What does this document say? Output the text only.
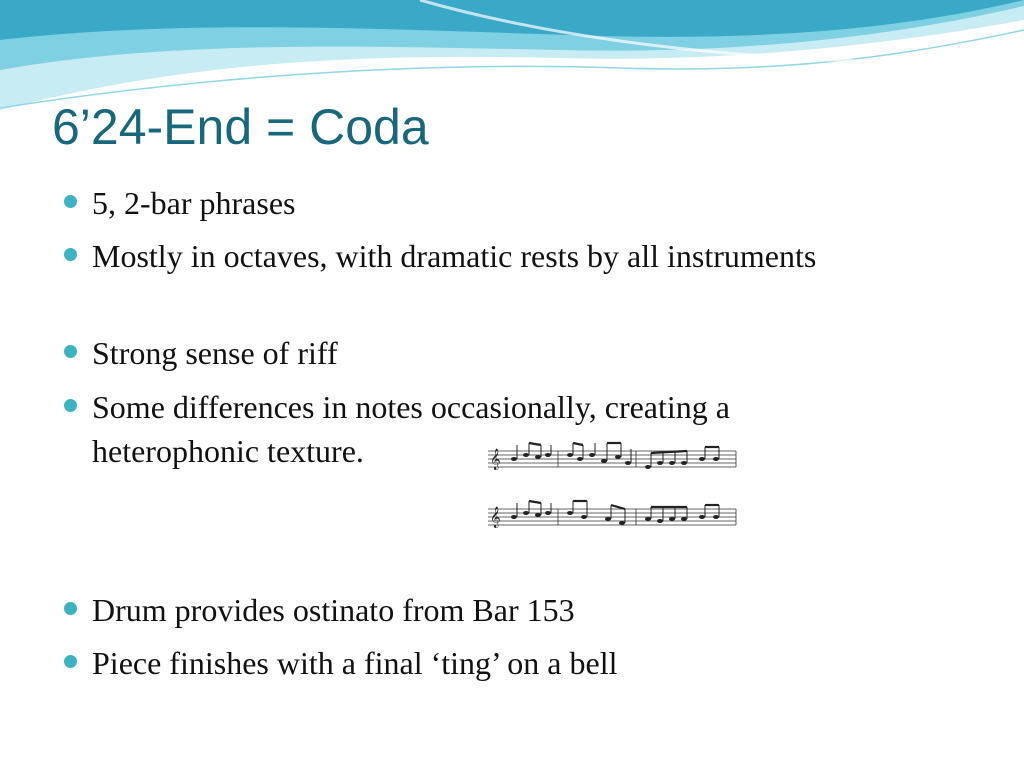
6’24-End = Coda
5, 2-bar phrases
Mostly in octaves, with dramatic rests by all instruments
Strong sense of riff
Some differences in notes occasionally, creating a heterophonic texture.
Drum provides ostinato from Bar 153
Piece finishes with a final ‘ting’ on a bell
𝄞
𝄞
